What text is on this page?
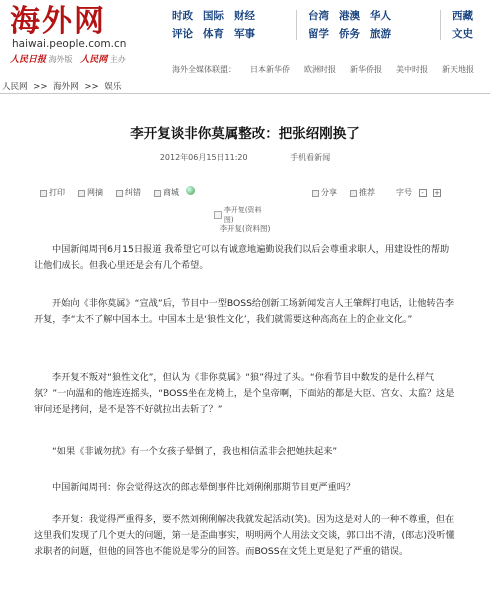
海外网
haiwai.people.com.cn
人民日报 海外版 人民网 主办
时政 国际 财经
评论 体育 军事
台湾 港澳 华人
留学 侨务 旅游
西藏
文史
海外全媒体联盟： 日本新华侨 欧洲时报 新华侨报 美中时报 新天地报
人民网 >> 海外网 >> 娱乐
李开复谈非你莫属整改：把张绍刚换了
2012年06月15日11:20	手机看新闻
打印	网摘	纠错	商城	分享	推荐	字号
	-
	+
李开复(资料图)
李开复(资料图)

中国新闻周刊6月15日报道 我希望它可以有诚意地遍勤说我们以后会尊重求职人，用建设性的帮助让他们成长。但我心里还是会有几个希望。

开始向《非你莫属》“宣战”后，节目中一型BOSS给创新工场新闻发言人王肇辉打电话，让他转告李开复，李“太不了解中国本土。中国本土是‘狼性文化’，我们就需要这种高高在上的企业文化。”

李开复不叛对“狼性文化”，但认为《非你莫属》“狼”得过了头。“你看节目中数发的是什么样气氛？”一向温和的他连连摇头，“BOSS坐在龙椅上，是个皇帝啊，下面站的都是大臣、宫女、太监？这是审问还是拷问，是不是答不好就拉出去斩了？”

“如果《非诚勿扰》有一个女孩子晕倒了，我也相信孟非会把她扶起来”

中国新闻周刊：你会觉得这次的郎志晕倒事件比刘俐俐那期节目更严重吗？

李开复：我觉得严重得多，要不然刘俐俐解决我就发起活动(笑)。因为这是对人的一种不尊重，但在这里我们发现了几个更大的问题，第一是歪曲事实，明明两个人用法文交谈，郭口出不清，(郎志)没听懂求职者的问题，但他的回答也不能说是零分的回答。而BOSS在文凭上更是犯了严重的错误。
